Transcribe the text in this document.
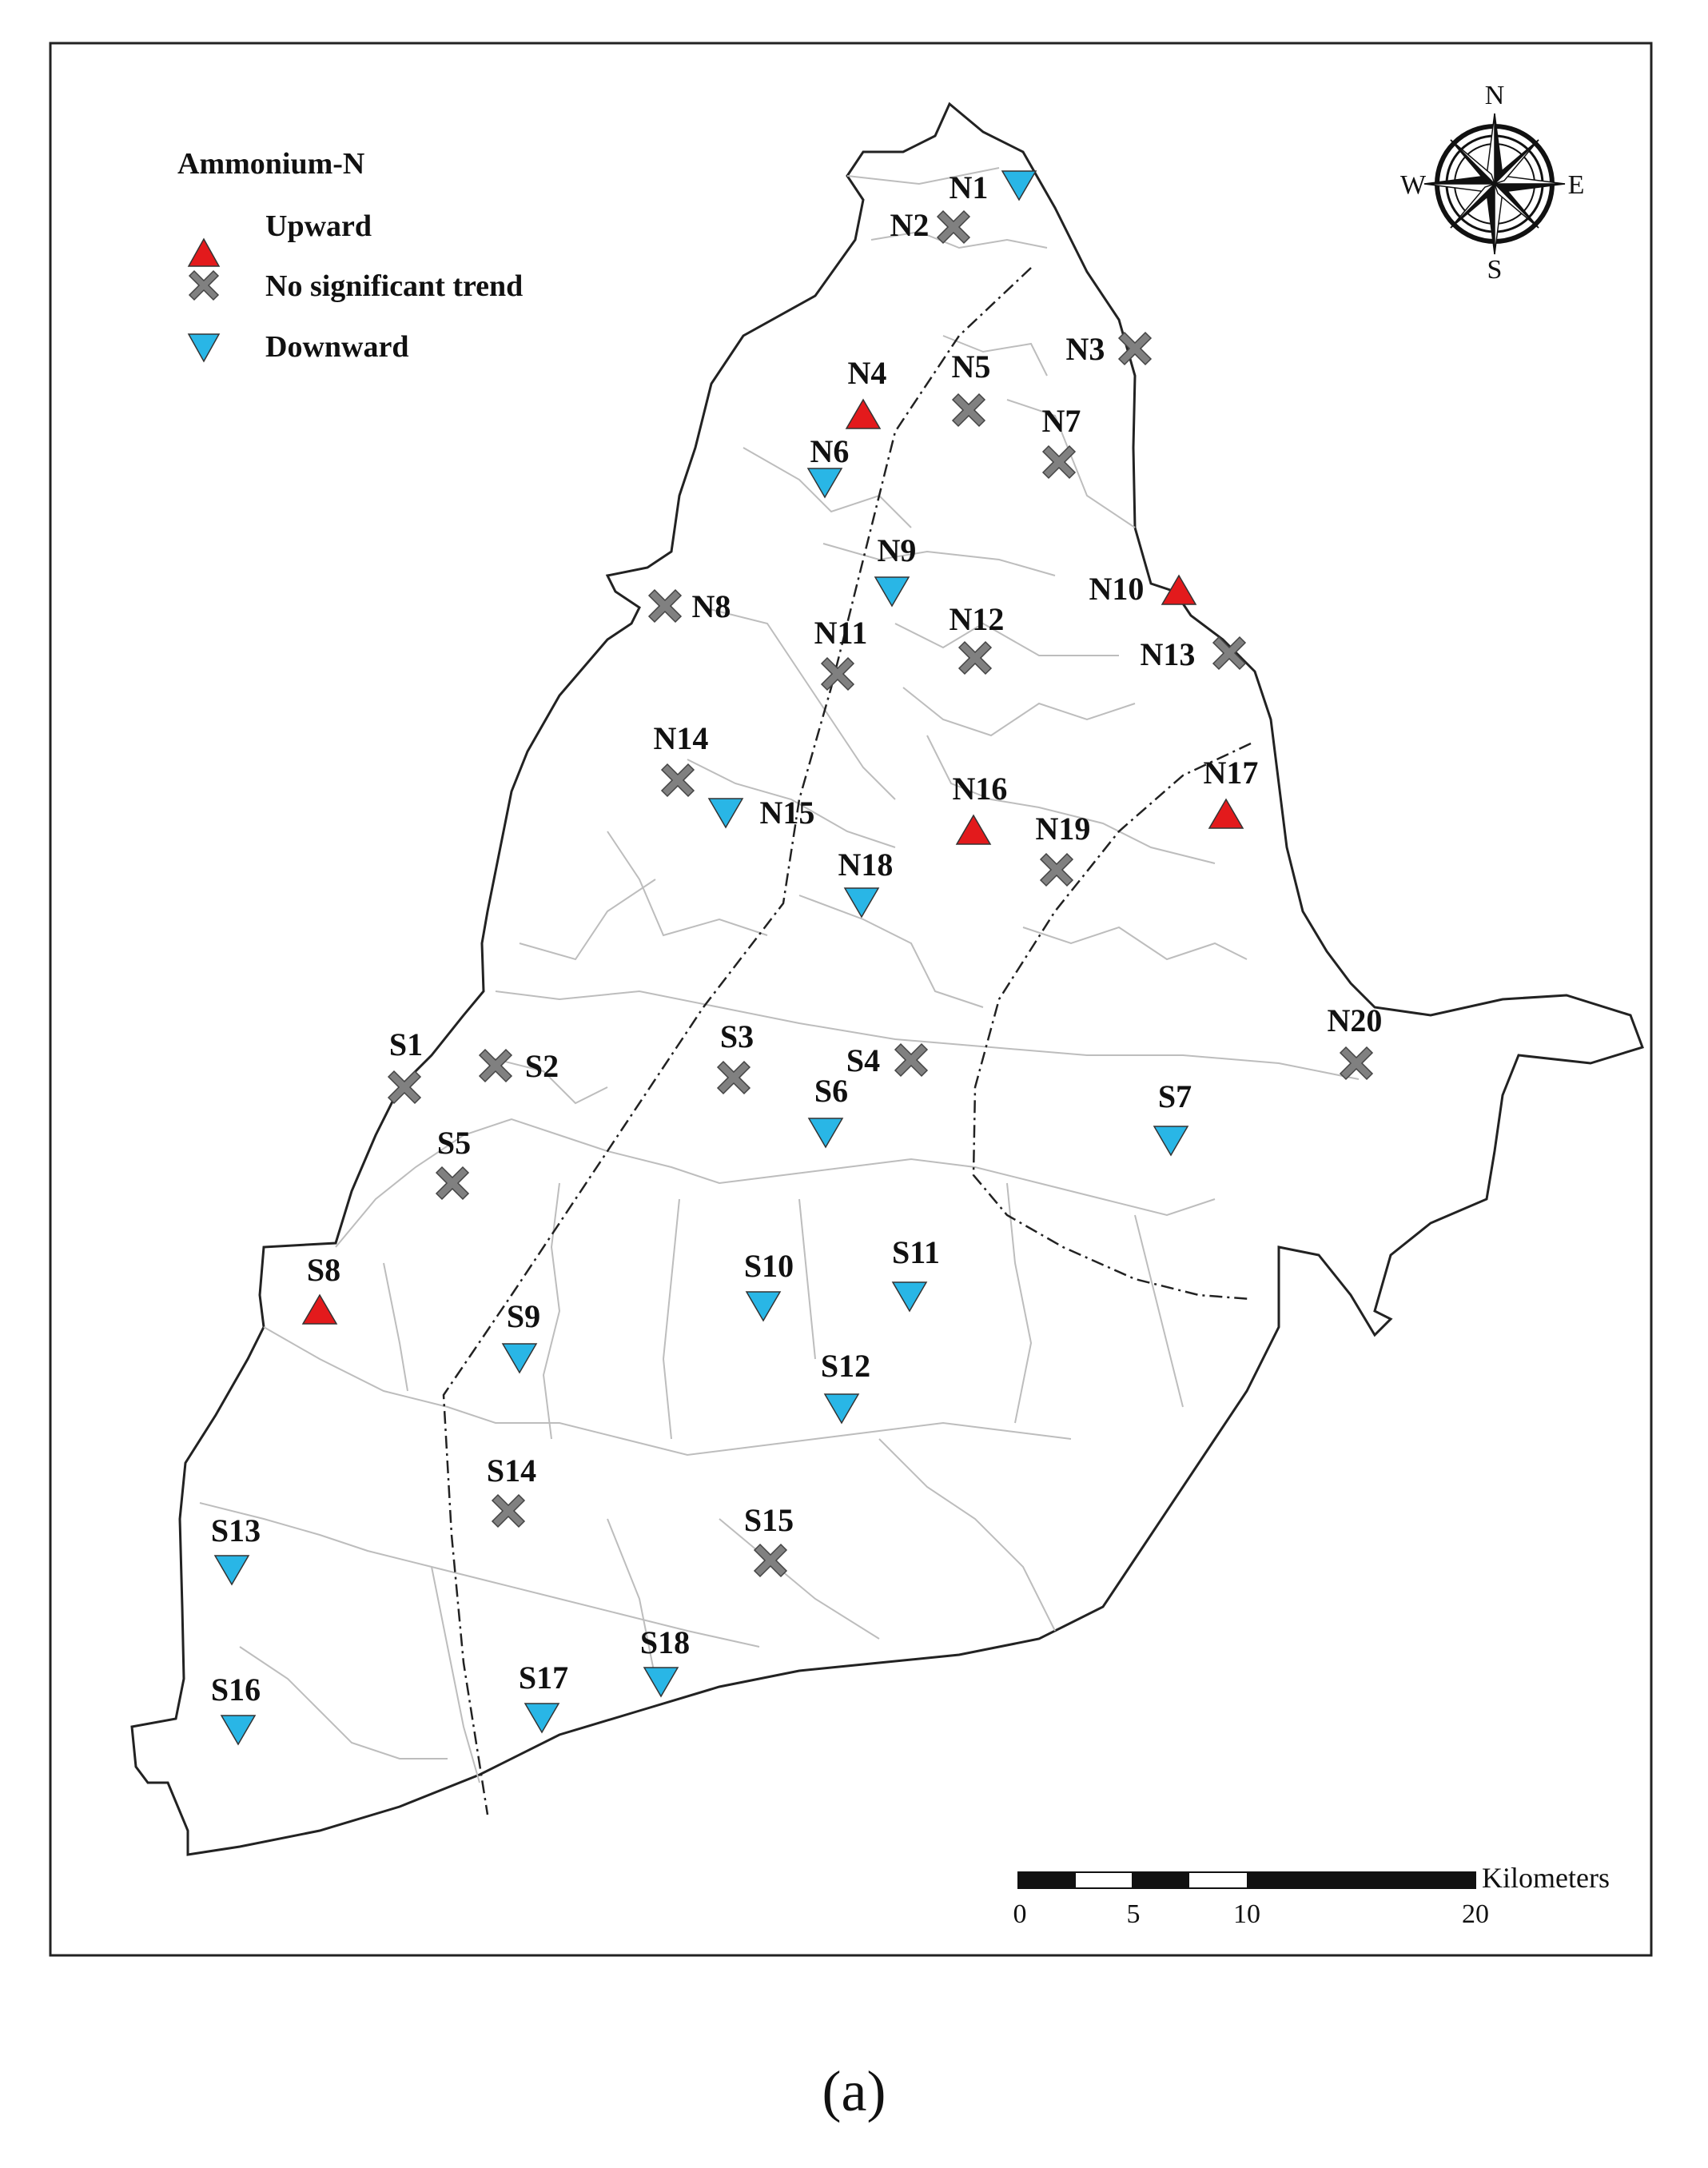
Ammonium-N
Upward
No significant trend
Downward
N
S
E
W
N1
N2
N3
N4 N5
N6
N7
N8
N9
N10
N11	N12
N13
N14
N15
N16	N17
N18
N19
N20
S1
S2
S3
S4
S5
S6	S7
S8
S9
S10	S11
S12
S13
S14
S15
S16	S17
S18
Kilometers
0	5	10	20
(a)
